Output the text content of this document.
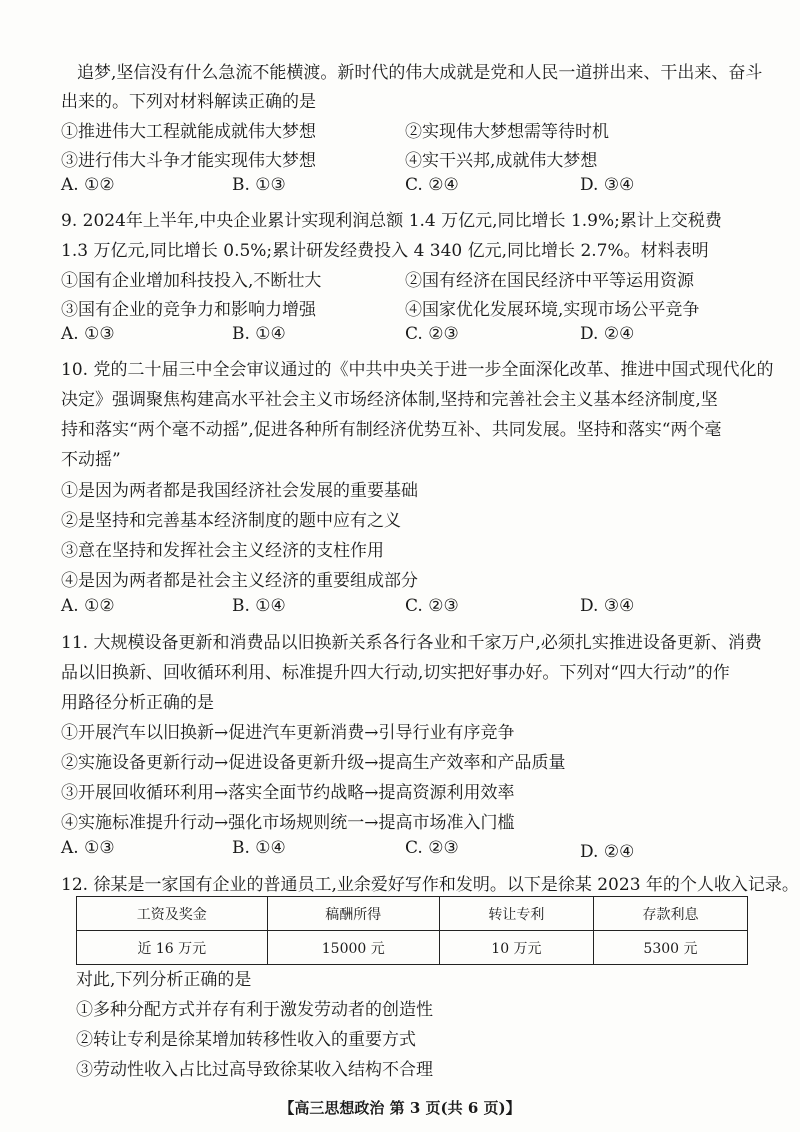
追梦,坚信没有什么急流不能横渡。新时代的伟大成就是党和人民一道拼出来、干出来、奋斗
出来的。下列对材料解读正确的是
①推进伟大工程就能成就伟大梦想	②实现伟大梦想需等待时机
③进行伟大斗争才能实现伟大梦想	④实干兴邦,成就伟大梦想
A. ①②	B. ①③	C. ②④	D. ③④
9. 2024年上半年,中央企业累计实现利润总额 1.4 万亿元,同比增长 1.9%;累计上交税费
1.3 万亿元,同比增长 0.5%;累计研发经费投入 4 340 亿元,同比增长 2.7%。材料表明
①国有企业增加科技投入,不断壮大	②国有经济在国民经济中平等运用资源
③国有企业的竞争力和影响力增强	④国家优化发展环境,实现市场公平竞争
A. ①③	B. ①④	C. ②③	D. ②④
10. 党的二十届三中全会审议通过的《中共中央关于进一步全面深化改革、推进中国式现代化的
决定》强调聚焦构建高水平社会主义市场经济体制,坚持和完善社会主义基本经济制度,坚
持和落实“两个毫不动摇”,促进各种所有制经济优势互补、共同发展。坚持和落实“两个毫
不动摇”
①是因为两者都是我国经济社会发展的重要基础
②是坚持和完善基本经济制度的题中应有之义
③意在坚持和发挥社会主义经济的支柱作用
④是因为两者都是社会主义经济的重要组成部分
A. ①②	B. ①④	C. ②③	D. ③④
11. 大规模设备更新和消费品以旧换新关系各行各业和千家万户,必须扎实推进设备更新、消费
品以旧换新、回收循环利用、标准提升四大行动,切实把好事办好。下列对“四大行动”的作
用路径分析正确的是
①开展汽车以旧换新→促进汽车更新消费→引导行业有序竞争
②实施设备更新行动→促进设备更新升级→提高生产效率和产品质量
③开展回收循环利用→落实全面节约战略→提高资源利用效率
④实施标准提升行动→强化市场规则统一→提高市场准入门槛
A. ①③	B. ①④	C. ②③	D. ②④
12. 徐某是一家国有企业的普通员工,业余爱好写作和发明。以下是徐某 2023 年的个人收入记录。
工资及奖金	稿酬所得	转让专利	存款利息
近 16 万元	15000 元	10 万元	5300 元
对此,下列分析正确的是
①多种分配方式并存有利于激发劳动者的创造性
②转让专利是徐某增加转移性收入的重要方式
③劳动性收入占比过高导致徐某收入结构不合理
【高三思想政治 第 3 页(共 6 页)】
